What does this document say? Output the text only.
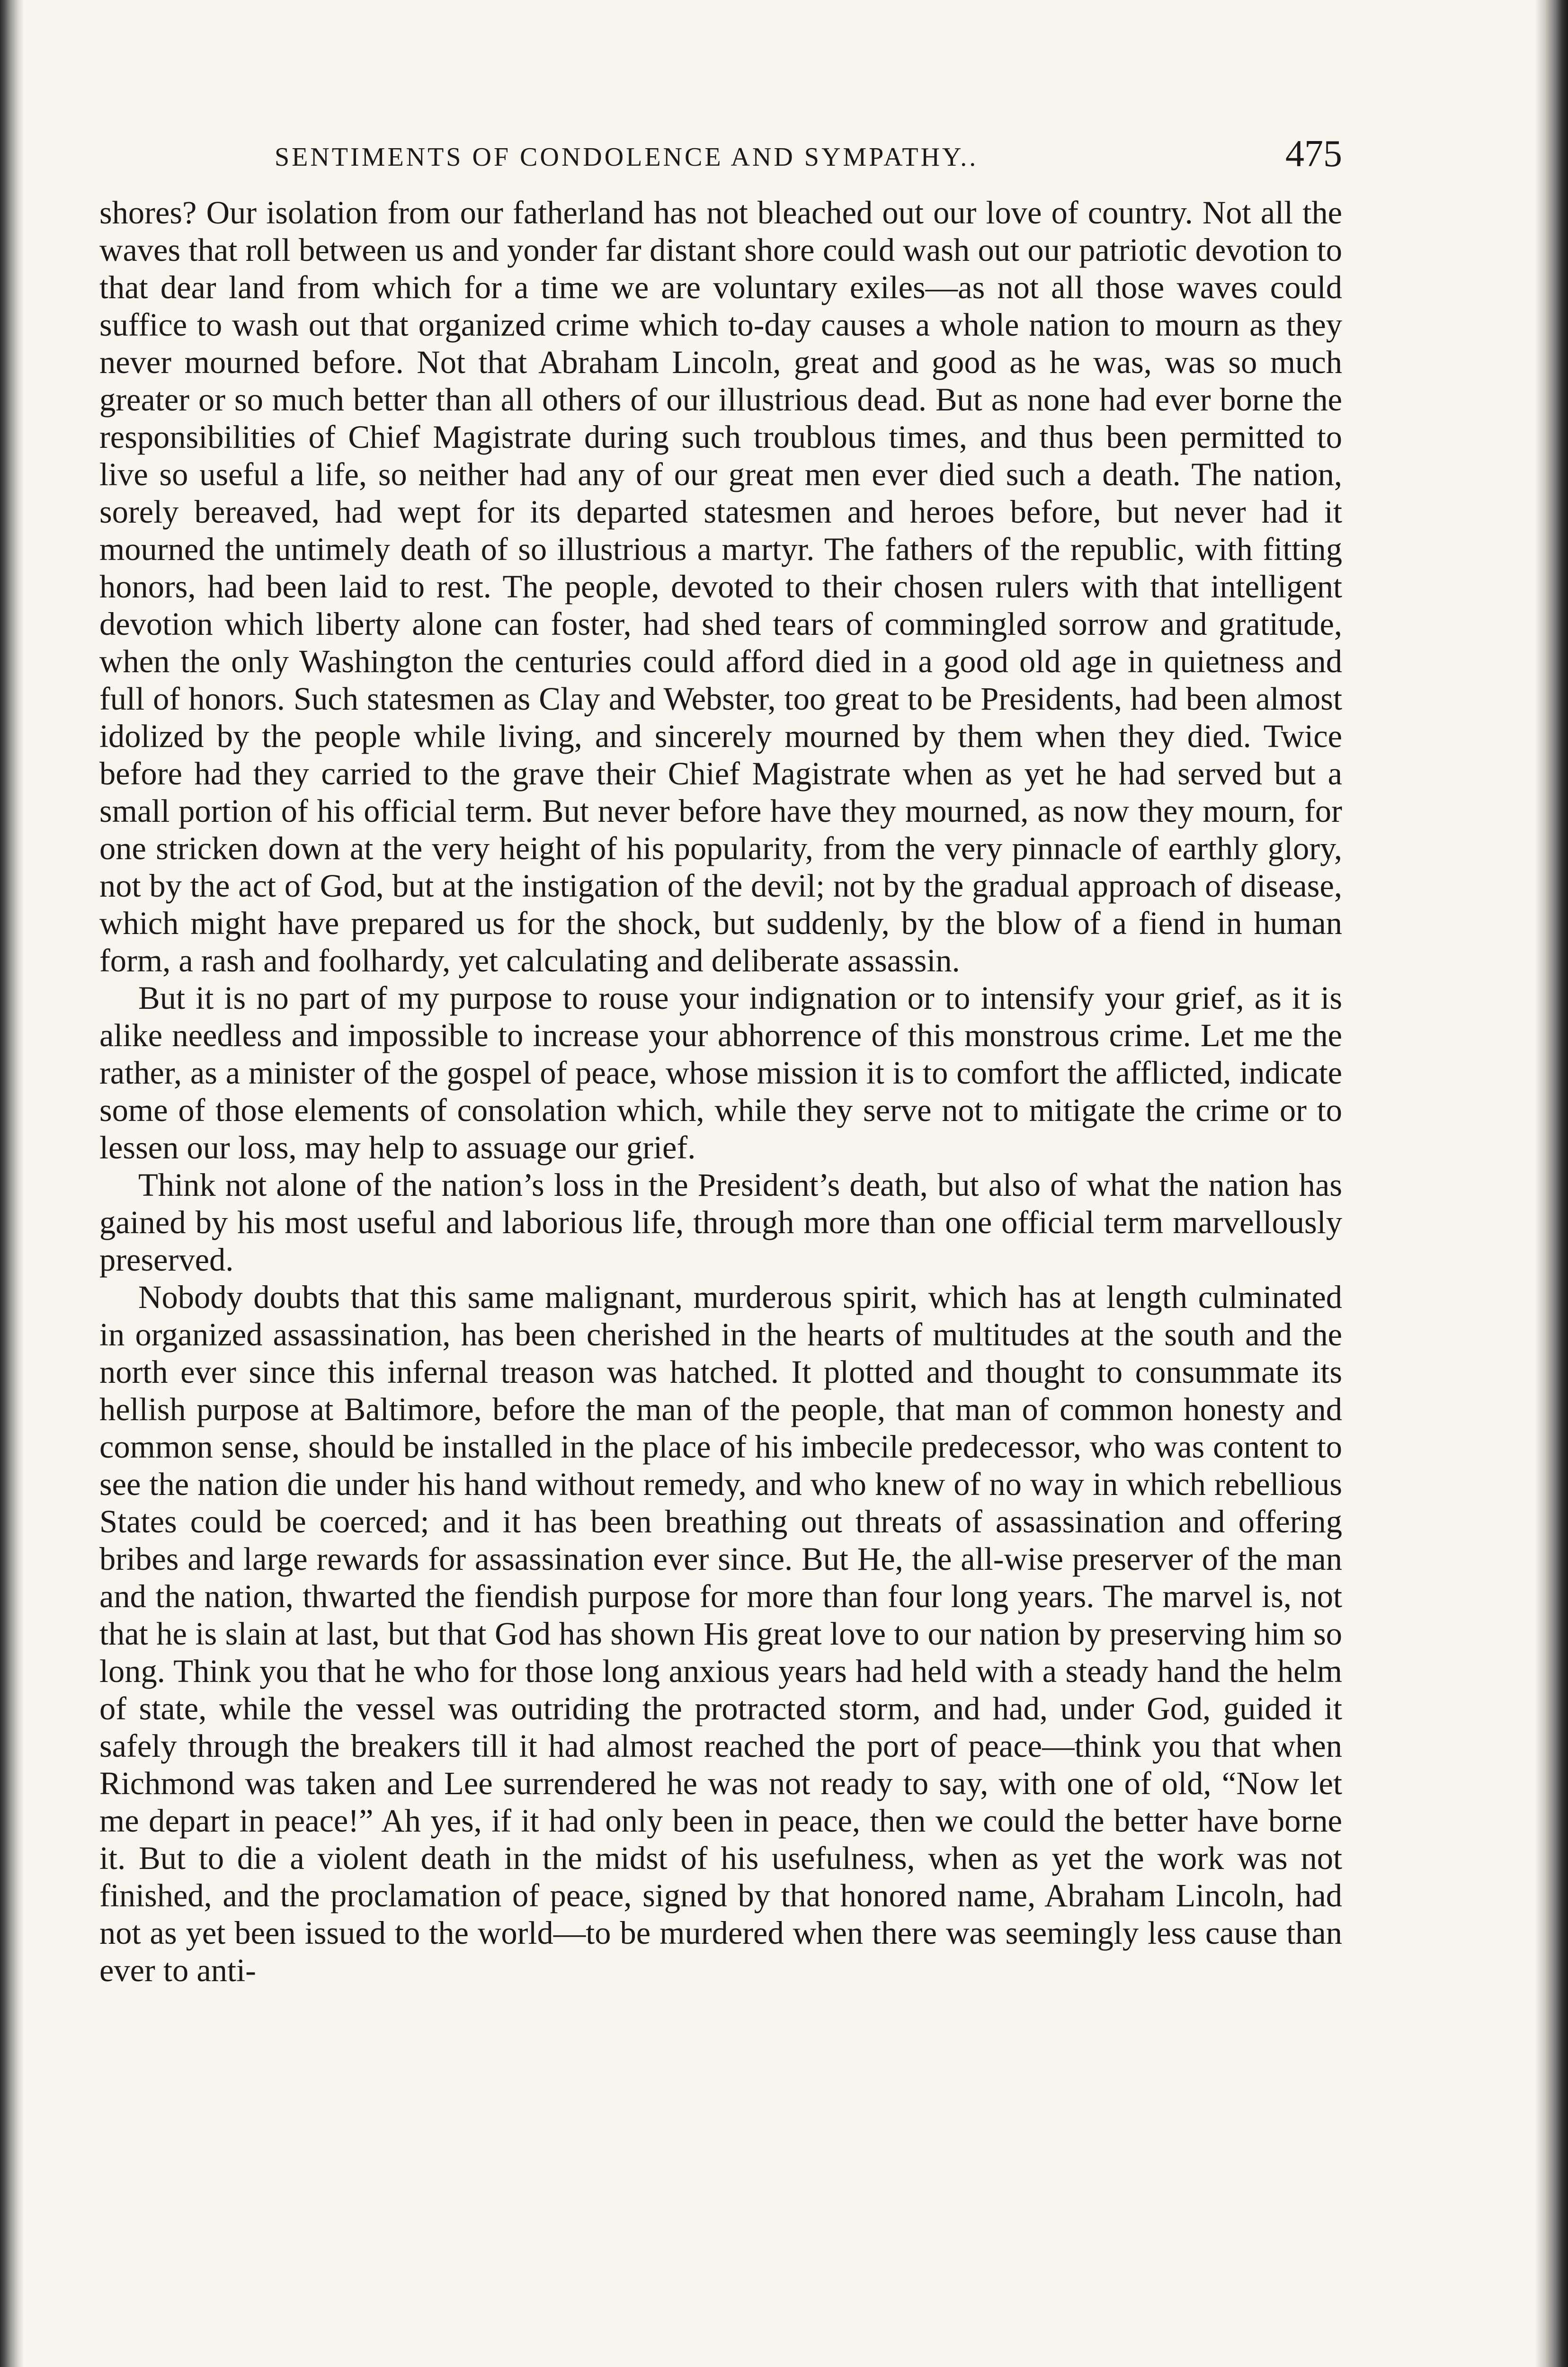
SENTIMENTS OF CONDOLENCE AND SYMPATHY..	475

shores? Our isolation from our fatherland has not bleached out our love of country. Not all the waves that roll between us and yonder far distant shore could wash out our patriotic devotion to that dear land from which for a time we are voluntary exiles—as not all those waves could suffice to wash out that organized crime which to-day causes a whole nation to mourn as they never mourned before. Not that Abraham Lincoln, great and good as he was, was so much greater or so much better than all others of our illustrious dead. But as none had ever borne the responsibilities of Chief Magistrate during such troublous times, and thus been permitted to live so useful a life, so neither had any of our great men ever died such a death. The nation, sorely bereaved, had wept for its departed statesmen and heroes before, but never had it mourned the untimely death of so illustrious a martyr. The fathers of the republic, with fitting honors, had been laid to rest. The people, devoted to their chosen rulers with that intelligent devotion which liberty alone can foster, had shed tears of commingled sorrow and gratitude, when the only Washington the centuries could afford died in a good old age in quietness and full of honors. Such statesmen as Clay and Webster, too great to be Presidents, had been almost idolized by the people while living, and sincerely mourned by them when they died. Twice before had they carried to the grave their Chief Magistrate when as yet he had served but a small portion of his official term. But never before have they mourned, as now they mourn, for one stricken down at the very height of his popularity, from the very pinnacle of earthly glory, not by the act of God, but at the instigation of the devil; not by the gradual approach of disease, which might have prepared us for the shock, but suddenly, by the blow of a fiend in human form, a rash and foolhardy, yet calculating and deliberate assassin.

But it is no part of my purpose to rouse your indignation or to intensify your grief, as it is alike needless and impossible to increase your abhorrence of this monstrous crime. Let me the rather, as a minister of the gospel of peace, whose mission it is to comfort the afflicted, indicate some of those elements of consolation which, while they serve not to mitigate the crime or to lessen our loss, may help to assuage our grief.

Think not alone of the nation’s loss in the President’s death, but also of what the nation has gained by his most useful and laborious life, through more than one official term marvellously preserved.

Nobody doubts that this same malignant, murderous spirit, which has at length culminated in organized assassination, has been cherished in the hearts of multitudes at the south and the north ever since this infernal treason was hatched. It plotted and thought to consummate its hellish purpose at Baltimore, before the man of the people, that man of common honesty and common sense, should be installed in the place of his imbecile predecessor, who was content to see the nation die under his hand without remedy, and who knew of no way in which rebellious States could be coerced; and it has been breathing out threats of assassination and offering bribes and large rewards for assassination ever since. But He, the all-wise preserver of the man and the nation, thwarted the fiendish purpose for more than four long years. The marvel is, not that he is slain at last, but that God has shown His great love to our nation by preserving him so long. Think you that he who for those long anxious years had held with a steady hand the helm of state, while the vessel was outriding the protracted storm, and had, under God, guided it safely through the breakers till it had almost reached the port of peace—think you that when Richmond was taken and Lee surrendered he was not ready to say, with one of old, “Now let me depart in peace!” Ah yes, if it had only been in peace, then we could the better have borne it. But to die a violent death in the midst of his usefulness, when as yet the work was not finished, and the proclamation of peace, signed by that honored name, Abraham Lincoln, had not as yet been issued to the world—to be murdered when there was seemingly less cause than ever to anti-
